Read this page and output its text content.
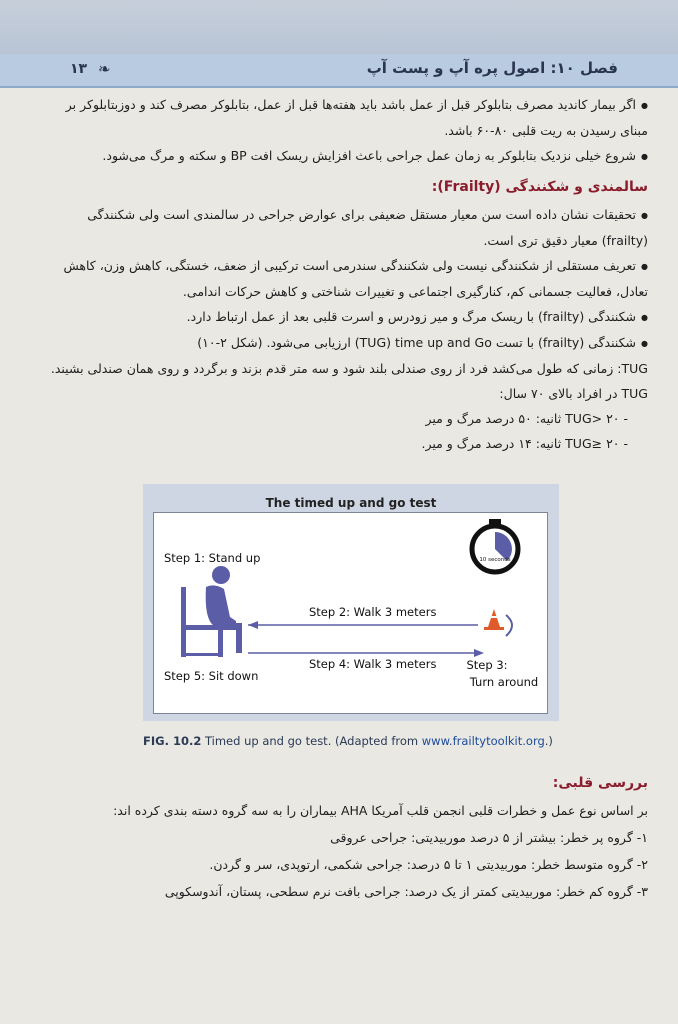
۱۳ ❧	فصل ۱۰: اصول پره آپ و پست آپ

● اگر بیمار کاندید مصرف بتابلوکر قبل از عمل باشد باید هفته‌ها قبل از عمل، بتابلوکر مصرف کند و دوزبتابلوکر بر مبنای رسیدن به ریت قلبی ۸۰-۶۰ باشد.

● شروع خیلی نزدیک بتابلوکر به زمان عمل جراحی باعث افزایش ریسک افت BP و سکته و مرگ می‌شود.

سالمندی و شکنندگی (Frailty):

● تحقیقات نشان داده است سن معیار مستقل ضعیفی برای عوارض جراحی در سالمندی است ولی شکنندگی (frailty) معیار دقیق تری است.

● تعریف مستقلی از شکنندگی نیست ولی شکنندگی سندرمی است ترکیبی از ضعف، خستگی، کاهش وزن، کاهش تعادل، فعالیت جسمانی کم، کنارگیری اجتماعی و تغییرات شناختی و کاهش حرکات اندامی.

● شکنندگی (frailty) با ریسک مرگ و میر زودرس و اسرت قلبی بعد از عمل ارتباط دارد.

● شکنندگی (frailty) با تست TUG) time up and Go) ارزیابی می‌شود. (شکل ۲-۱۰)

TUG: زمانی که طول می‌کشد فرد از روی صندلی بلند شود و سه متر قدم بزند و برگردد و روی همان صندلی بشیند.

TUG در افراد بالای ۷۰ سال:

- TUG> ۲۰ ثانیه: ۵۰ درصد مرگ و میر

- TUG≥ ۲۰ ثانیه: ۱۴ درصد مرگ و میر.

The timed up and go test
10 seconds
Step 1: Stand up
Step 2: Walk 3 meters
Step 3:
Turn around
Step 4: Walk 3 meters
Step 5: Sit down
FIG. 10.2 Timed up and go test. (Adapted from www.frailtytoolkit.org.)
بررسی قلبی:
بر اساس نوع عمل و خطرات قلبی انجمن قلب آمریکا AHA بیماران را به سه گروه دسته بندی کرده اند:
۱- گروه پر خطر: بیشتر از ۵ درصد موربیدیتی: جراحی عروقی
۲- گروه متوسط خطر: موربیدیتی ۱ تا ۵ درصد: جراحی شکمی، ارتوپدی، سر و گردن.
۳- گروه کم خطر: موربیدیتی کمتر از یک درصد: جراحی بافت نرم سطحی، پستان، آندوسکوپی
